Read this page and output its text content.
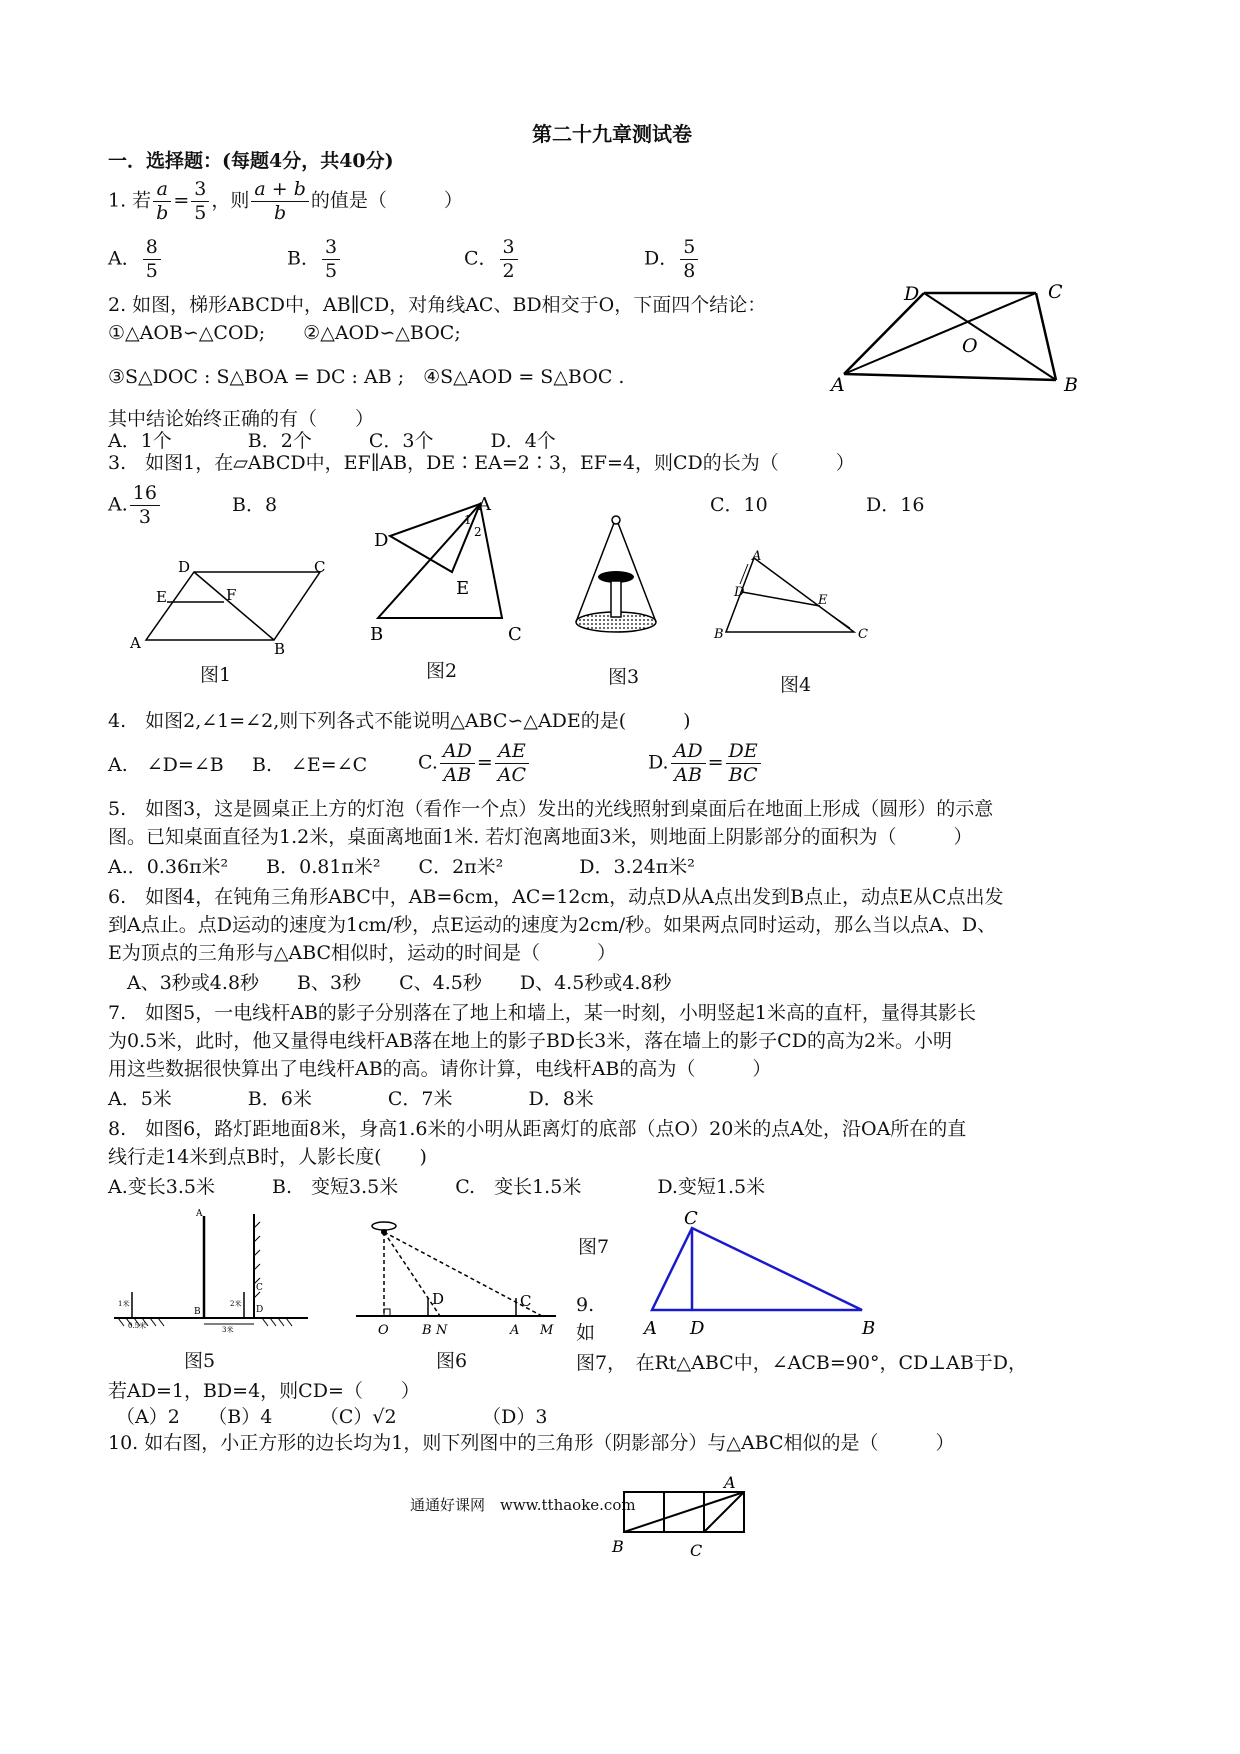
第二十九章测试卷
一．选择题：(每题4分，共40分)
1. 若 $\frac{a}{b} = \frac{3}{5}$ ，则 $\frac{a + b}{b}$ 的值是（　　　）
A． $\frac{8}{5}$	B． $\frac{3}{5}$	C． $\frac{3}{2}$	D． $\frac{5}{8}$
2. 如图，梯形ABCD中，AB∥CD，对角线AC、BD相交于O，下面四个结论：
①△AOB∽△COD;　　②△AOD∽△BOC;
③S△DOC : S△BOA = DC : AB ;　④S△AOD = S△BOC .
其中结论始终正确的有（　　）
A．1个　　　　B．2个　　　C．3个　　　D．4个
D	C
A	B
O
3.　如图1，在▱ABCD中，EF∥AB，DE∶EA=2∶3，EF=4，则CD的长为（　　　）
A. $\frac{16}{3}$	B．8	C．10	D．16
D	C
E	F
A	B
图1
A
D
E
B	C
1
2
图2	图3
A
D
E
B	C
图4
4.　如图2,∠1=∠2,则下列各式不能说明△ABC∽△ADE的是(　　　)
A.　∠D=∠B B.　∠E=∠C	C. $\frac{AD}{AB} = \frac{AE}{AC}$	D. $\frac{AD}{AB} = \frac{DE}{BC}$
5.　如图3，这是圆桌正上方的灯泡（看作一个点）发出的光线照射到桌面后在地面上形成（圆形）的示意
图。已知桌面直径为1.2米，桌面离地面1米. 若灯泡离地面3米，则地面上阴影部分的面积为（　　　）
A.．0.36π米²　　B．0.81π米²　　C．2π米²　　　　D．3.24π米²
6.　如图4，在钝角三角形ABC中，AB=6cm，AC=12cm，动点D从A点出发到B点止，动点E从C点出发
到A点止。点D运动的速度为1cm/秒，点E运动的速度为2cm/秒。如果两点同时运动，那么当以点A、D、
E为顶点的三角形与△ABC相似时，运动的时间是（　　　）
　A、3秒或4.8秒　　B、3秒　　C、4.5秒　　D、4.5秒或4.8秒
7.　如图5，一电线杆AB的影子分别落在了地上和墙上，某一时刻，小明竖起1米高的直杆，量得其影长
为0.5米，此时，他又量得电线杆AB落在地上的影子BD长3米，落在墙上的影子CD的高为2米。小明
用这些数据很快算出了电线杆AB的高。请你计算，电线杆AB的高为（　　　）
A．5米　　　　B．6米　　　　C．7米　　　　D．8米
8.　如图6，路灯距地面8米，身高1.6米的小明从距离灯的底部（点O）20米的点A处，沿OA所在的直
线行走14米到点B时，人影长度(　　)
A.变长3.5米　　　B.　变短3.5米　　　C.　变长1.5米　　　　D.变短1.5米
A
B
C
D
1米
0.5米
2米
3米
图5
O	B N	A M
D	C
图6
图7
C
A D	B
9.
如
图7，　在Rt△ABC中，∠ACB=90°，CD⊥AB于D，
若AD=1，BD=4，则CD=（　　）
（A）2　　（B）4　　　（C）√2　　　　　（D）3
10. 如右图，小正方形的边长均为1，则下列图中的三角形（阴影部分）与△ABC相似的是（　　　）
通通好课网　www.tthaoke.com
A
B	C
